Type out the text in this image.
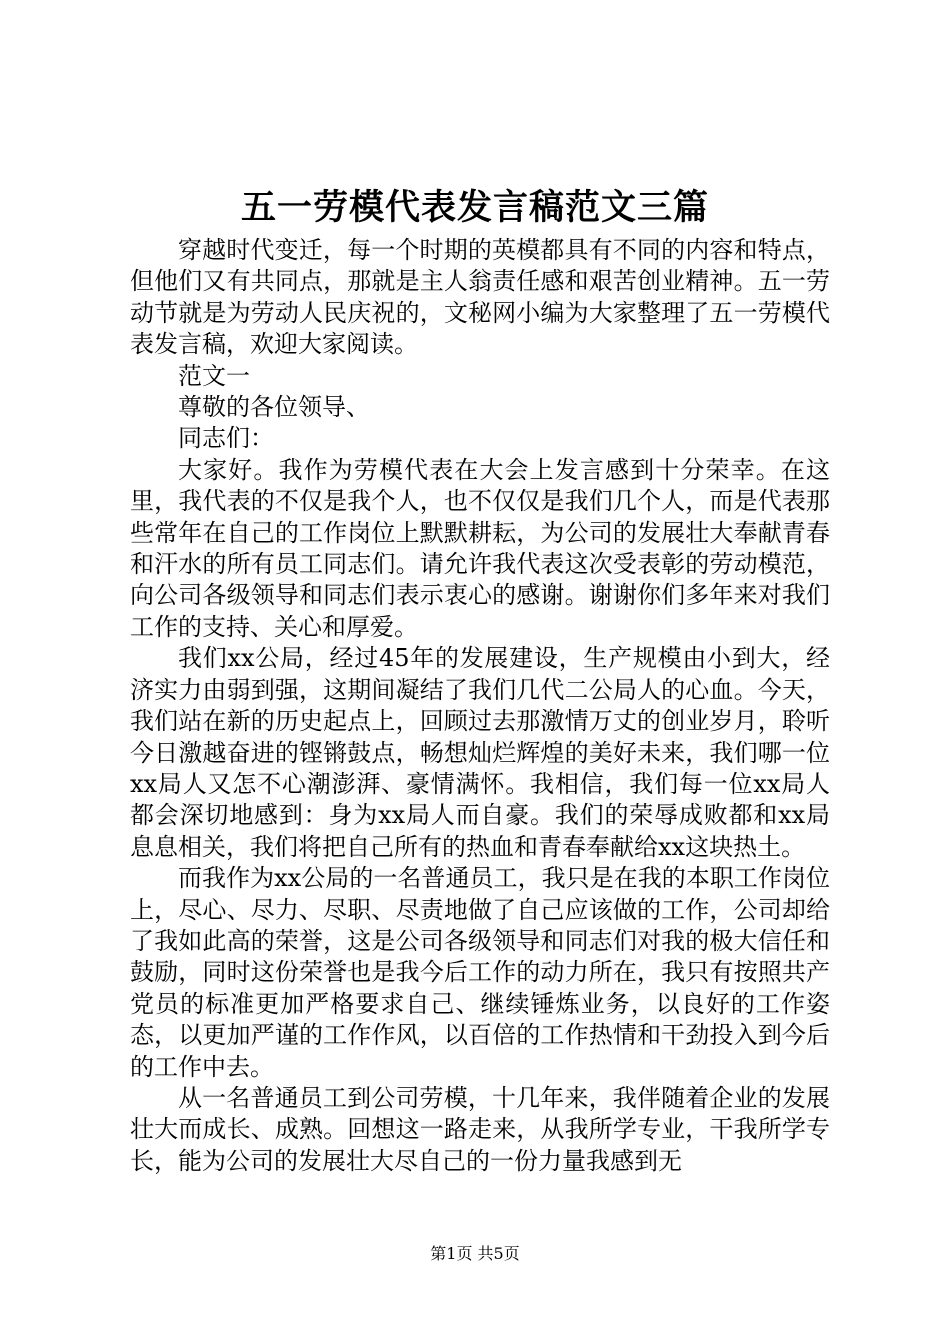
五一劳模代表发言稿范文三篇

穿越时代变迁，每一个时期的英模都具有不同的内容和特点，但他们又有共同点，那就是主人翁责任感和艰苦创业精神。五一劳动节就是为劳动人民庆祝的，文秘网小编为大家整理了五一劳模代表发言稿，欢迎大家阅读。

范文一

尊敬的各位领导、

同志们：

大家好。我作为劳模代表在大会上发言感到十分荣幸。在这里，我代表的不仅是我个人，也不仅仅是我们几个人，而是代表那些常年在自己的工作岗位上默默耕耘，为公司的发展壮大奉献青春和汗水的所有员工同志们。请允许我代表这次受表彰的劳动模范，向公司各级领导和同志们表示衷心的感谢。谢谢你们多年来对我们工作的支持、关心和厚爱。

我们xx公局，经过45年的发展建设，生产规模由小到大，经济实力由弱到强，这期间凝结了我们几代二公局人的心血。今天，我们站在新的历史起点上，回顾过去那激情万丈的创业岁月，聆听今日激越奋进的铿锵鼓点，畅想灿烂辉煌的美好未来，我们哪一位xx局人又怎不心潮澎湃、豪情满怀。我相信，我们每一位xx局人都会深切地感到：身为xx局人而自豪。我们的荣辱成败都和xx局息息相关，我们将把自己所有的热血和青春奉献给xx这块热土。

而我作为xx公局的一名普通员工，我只是在我的本职工作岗位上，尽心、尽力、尽职、尽责地做了自己应该做的工作，公司却给了我如此高的荣誉，这是公司各级领导和同志们对我的极大信任和鼓励，同时这份荣誉也是我今后工作的动力所在，我只有按照共产党员的标准更加严格要求自己、继续锤炼业务，以良好的工作姿态，以更加严谨的工作作风，以百倍的工作热情和干劲投入到今后的工作中去。

从一名普通员工到公司劳模，十几年来，我伴随着企业的发展壮大而成长、成熟。回想这一路走来，从我所学专业，干我所学专长，能为公司的发展壮大尽自己的一份力量我感到无

第1页 共5页
